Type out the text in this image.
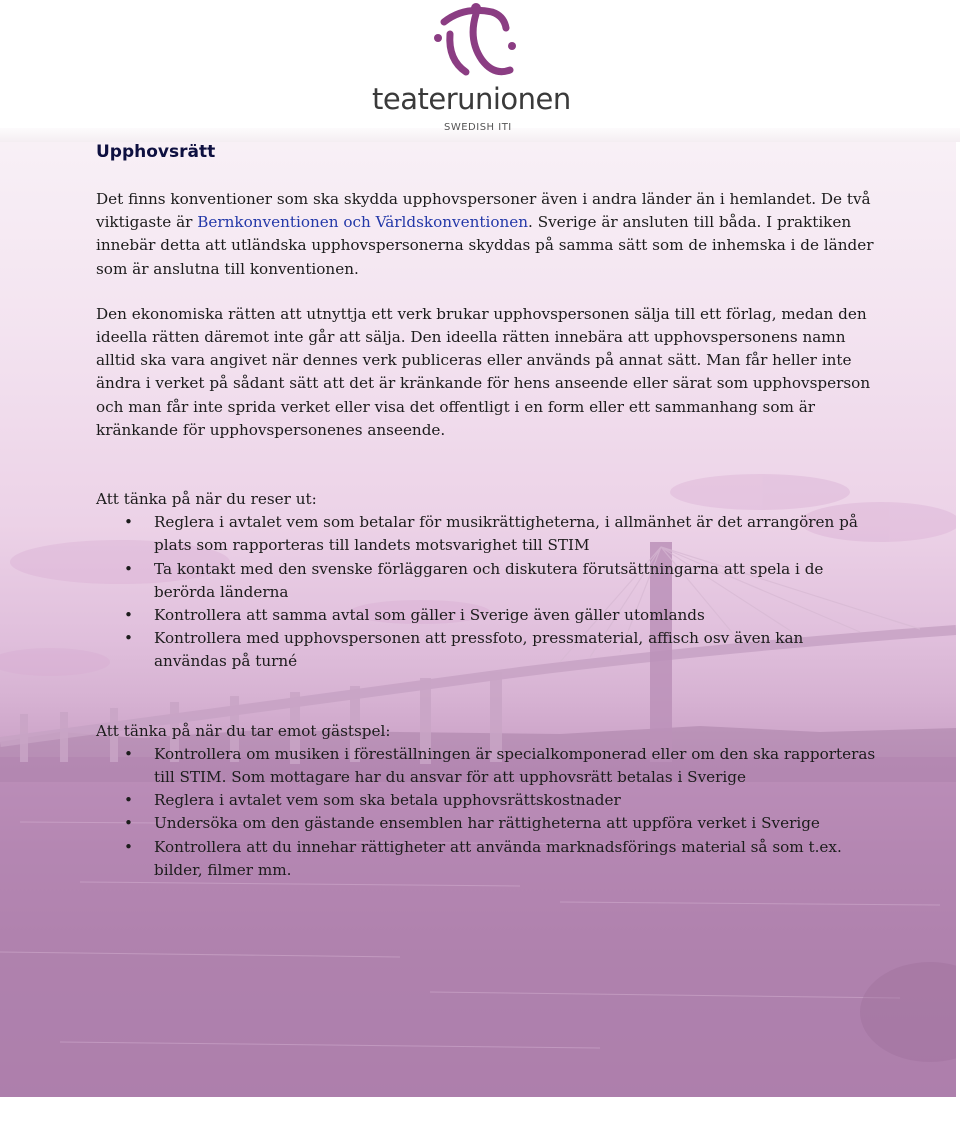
teaterunionen
SWEDISH ITI
Upphovsrätt

Det finns konventioner som ska skydda upphovspersoner även i andra länder än i hemlandet. De två viktigaste är Bernkonventionen och Världskonventionen. Sverige är ansluten till båda. I praktiken innebär detta att utländska upphovspersonerna skyddas på samma sätt som de inhemska i de länder som är anslutna till konventionen.

Den ekonomiska rätten att utnyttja ett verk brukar upphovspersonen sälja till ett förlag, medan den ideella rätten däremot inte går att sälja. Den ideella rätten innebära att upphovspersonens namn alltid ska vara angivet när dennes verk publiceras eller används på annat sätt. Man får heller inte ändra i verket på sådant sätt att det är kränkande för hens anseende eller särat som upphovsperson och man får inte sprida verket eller visa det offentligt i en form eller ett sammanhang som är kränkande för upphovspersonenes anseende.

Att tänka på när du reser ut:

• Reglera i avtalet vem som betalar för musikrättigheterna, i allmänhet är det arrangören på plats som rapporteras till landets motsvarighet till STIM
• Ta kontakt med den svenske förläggaren och diskutera förutsättningarna att spela i de berörda länderna
• Kontrollera att samma avtal som gäller i Sverige även gäller utomlands
• Kontrollera med upphovspersonen att pressfoto, pressmaterial, affisch osv även kan användas på turné

Att tänka på när du tar emot gästspel:

• Kontrollera om musiken i föreställningen är specialkomponerad eller om den ska rapporteras till STIM. Som mottagare har du ansvar för att upphovsrätt betalas i Sverige
• Reglera i avtalet vem som ska betala upphovsrättskostnader
• Undersöka om den gästande ensemblen har rättigheterna att uppföra verket i Sverige
• Kontrollera att du innehar rättigheter att använda marknadsförings material så som t.ex. bilder, filmer mm.
